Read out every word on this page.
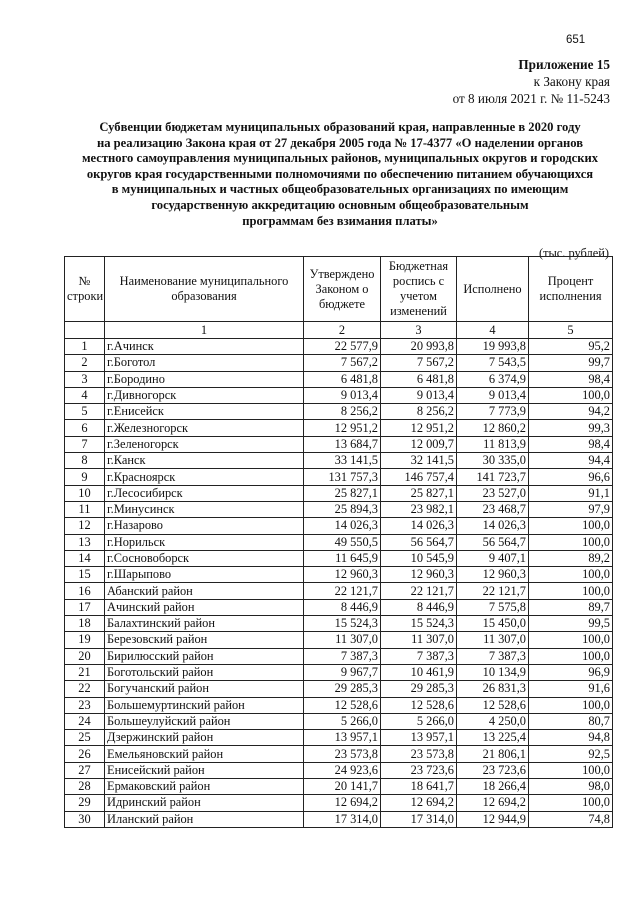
651
Приложение 15
к Закону края
от 8 июля 2021 г. № 11-5243
Субвенции бюджетам муниципальных образований края, направленные в 2020 году
на реализацию Закона края от 27 декабря 2005 года № 17-4377 «О наделении органов
местного самоуправления муниципальных районов, муниципальных округов и городских
округов края государственными полномочиями по обеспечению питанием обучающихся
в муниципальных и частных общеобразовательных организациях по имеющим
государственную аккредитацию основным общеобразовательным
программам без взимания платы»
(тыс. рублей)
№ строки	Наименование муниципального образования	Утверждено Законом о бюджете	Бюджетная роспись с учетом изменений	Исполнено	Процент исполнения
	1	2	3	4	5
1	г.Ачинск	22 577,9	20 993,8	19 993,8	95,2
2	г.Боготол	7 567,2	7 567,2	7 543,5	99,7
3	г.Бородино	6 481,8	6 481,8	6 374,9	98,4
4	г.Дивногорск	9 013,4	9 013,4	9 013,4	100,0
5	г.Енисейск	8 256,2	8 256,2	7 773,9	94,2
6	г.Железногорск	12 951,2	12 951,2	12 860,2	99,3
7	г.Зеленогорск	13 684,7	12 009,7	11 813,9	98,4
8	г.Канск	33 141,5	32 141,5	30 335,0	94,4
9	г.Красноярск	131 757,3	146 757,4	141 723,7	96,6
10	г.Лесосибирск	25 827,1	25 827,1	23 527,0	91,1
11	г.Минусинск	25 894,3	23 982,1	23 468,7	97,9
12	г.Назарово	14 026,3	14 026,3	14 026,3	100,0
13	г.Норильск	49 550,5	56 564,7	56 564,7	100,0
14	г.Сосновоборск	11 645,9	10 545,9	9 407,1	89,2
15	г.Шарыпово	12 960,3	12 960,3	12 960,3	100,0
16	Абанский район	22 121,7	22 121,7	22 121,7	100,0
17	Ачинский район	8 446,9	8 446,9	7 575,8	89,7
18	Балахтинский район	15 524,3	15 524,3	15 450,0	99,5
19	Березовский район	11 307,0	11 307,0	11 307,0	100,0
20	Бирилюсский район	7 387,3	7 387,3	7 387,3	100,0
21	Боготольский район	9 967,7	10 461,9	10 134,9	96,9
22	Богучанский район	29 285,3	29 285,3	26 831,3	91,6
23	Большемуртинский район	12 528,6	12 528,6	12 528,6	100,0
24	Большеулуйский район	5 266,0	5 266,0	4 250,0	80,7
25	Дзержинский район	13 957,1	13 957,1	13 225,4	94,8
26	Емельяновский район	23 573,8	23 573,8	21 806,1	92,5
27	Енисейский район	24 923,6	23 723,6	23 723,6	100,0
28	Ермаковский район	20 141,7	18 641,7	18 266,4	98,0
29	Идринский район	12 694,2	12 694,2	12 694,2	100,0
30	Иланский район	17 314,0	17 314,0	12 944,9	74,8
